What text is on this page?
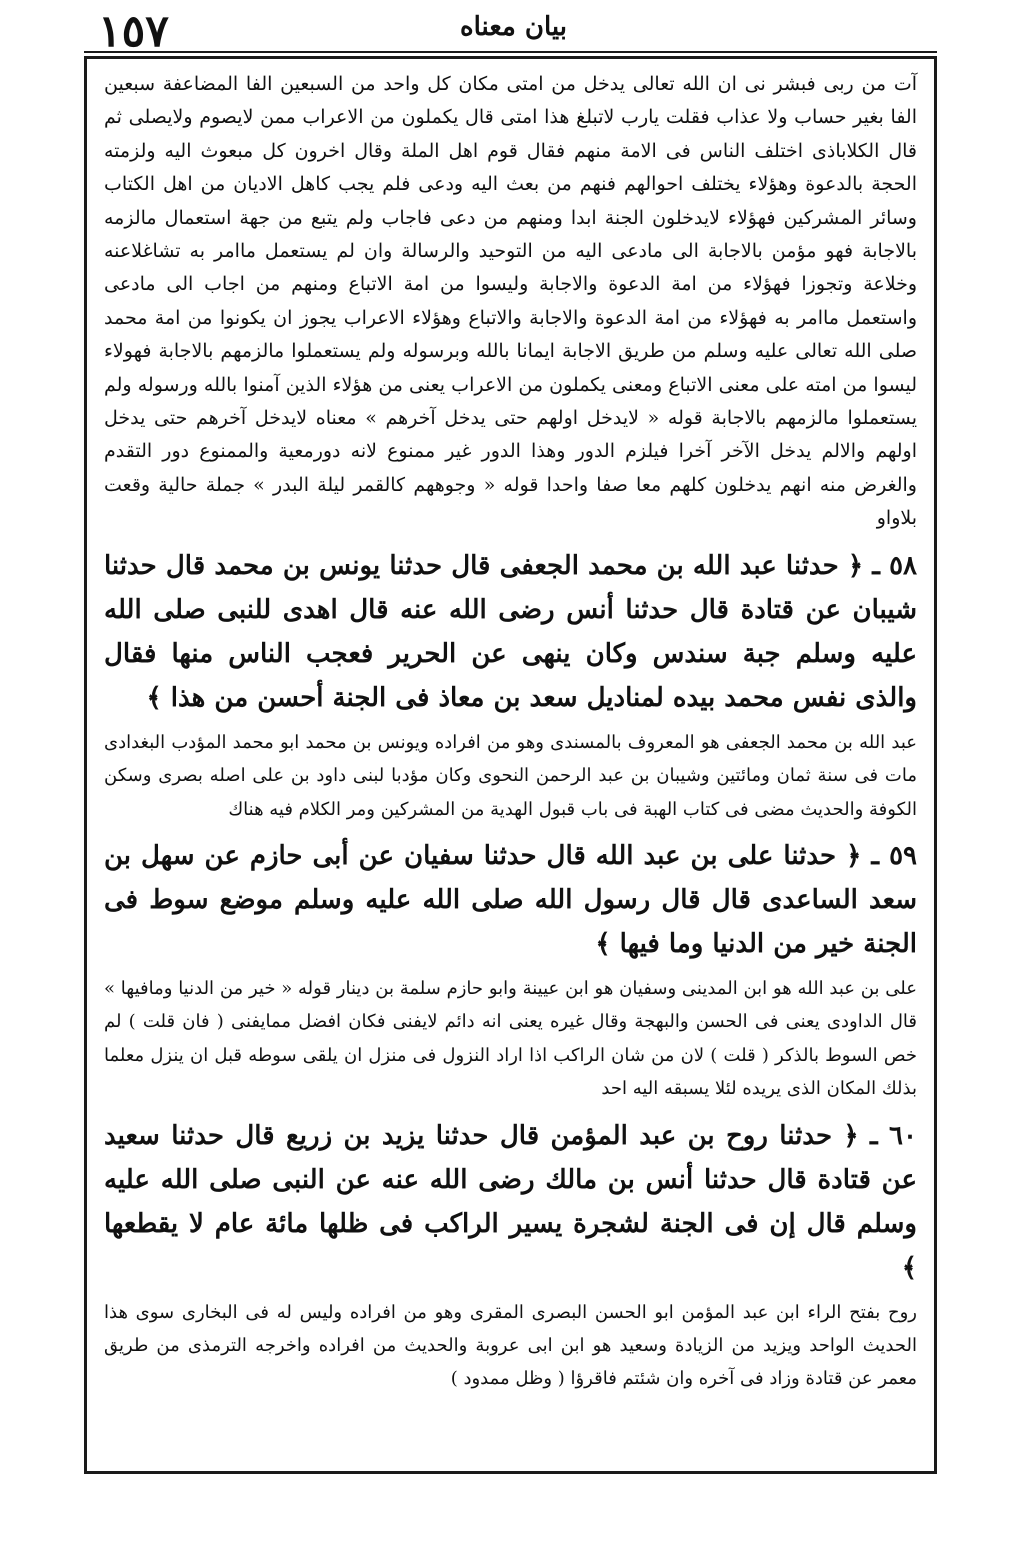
١٥٧	بيان معناه

آت من ربى فبشر نى ان الله تعالى يدخل من امتى مكان كل واحد من السبعين الفا المضاعفة سبعين الفا بغير حساب ولا عذاب فقلت يارب لاتبلغ هذا امتى قال يكملون من الاعراب ممن لايصوم ولايصلى ثم قال الكلاباذى اختلف الناس فى الامة منهم فقال قوم اهل الملة وقال اخرون كل مبعوث اليه ولزمته الحجة بالدعوة وهؤلاء يختلف احوالهم فنهم من بعث اليه ودعى فلم يجب كاهل الاديان من اهل الكتاب وسائر المشركين فهؤلاء لايدخلون الجنة ابدا ومنهم من دعى فاجاب ولم يتبع من جهة استعمال مالزمه بالاجابة فهو مؤمن بالاجابة الى مادعى اليه من التوحيد والرسالة وان لم يستعمل ماامر به تشاغلاعنه وخلاعة وتجوزا فهؤلاء من امة الدعوة والاجابة وليسوا من امة الاتباع ومنهم من اجاب الى مادعى واستعمل ماامر به فهؤلاء من امة الدعوة والاجابة والاتباع وهؤلاء الاعراب يجوز ان يكونوا من امة محمد صلى الله تعالى عليه وسلم من طريق الاجابة ايمانا بالله وبرسوله ولم يستعملوا مالزمهم بالاجابة فهولاء ليسوا من امته على معنى الاتباع ومعنى يكملون من الاعراب يعنى من هؤلاء الذين آمنوا بالله ورسوله ولم يستعملوا مالزمهم بالاجابة قوله « لايدخل اولهم حتى يدخل آخرهم » معناه لايدخل آخرهم حتى يدخل اولهم والالم يدخل الآخر آخرا فيلزم الدور وهذا الدور غير ممنوع لانه دورمعية والممنوع دور التقدم والغرض منه انهم يدخلون كلهم معا صفا واحدا قوله « وجوههم كالقمر ليلة البدر » جملة حالية وقعت بلاواو

٥٨ ـ ﴿ حدثنا عبد الله بن محمد الجعفى قال حدثنا يونس بن محمد قال حدثنا شيبان عن قتادة قال حدثنا أنس رضى الله عنه قال اهدى للنبى صلى الله عليه وسلم جبة سندس وكان ينهى عن الحرير فعجب الناس منها فقال والذى نفس محمد بيده لمناديل سعد بن معاذ فى الجنة أحسن من هذا ﴾

عبد الله بن محمد الجعفى هو المعروف بالمسندى وهو من افراده ويونس بن محمد ابو محمد المؤدب البغدادى مات فى سنة ثمان ومائتين وشيبان بن عبد الرحمن النحوى وكان مؤدبا لبنى داود بن على اصله بصرى وسكن الكوفة والحديث مضى فى كتاب الهبة فى باب قبول الهدية من المشركين ومر الكلام فيه هناك

٥٩ ـ ﴿ حدثنا على بن عبد الله قال حدثنا سفيان عن أبى حازم عن سهل بن سعد الساعدى قال قال رسول الله صلى الله عليه وسلم موضع سوط فى الجنة خير من الدنيا وما فيها ﴾

على بن عبد الله هو ابن المدينى وسفيان هو ابن عيينة وابو حازم سلمة بن دينار قوله « خير من الدنيا ومافيها » قال الداودى يعنى فى الحسن والبهجة وقال غيره يعنى انه دائم لايفنى فكان افضل ممايفنى ( فان قلت ) لم خص السوط بالذكر ( قلت ) لان من شان الراكب اذا اراد النزول فى منزل ان يلقى سوطه قبل ان ينزل معلما بذلك المكان الذى يريده لئلا يسبقه اليه احد

٦٠ ـ ﴿ حدثنا روح بن عبد المؤمن قال حدثنا يزيد بن زريع قال حدثنا سعيد عن قتادة قال حدثنا أنس بن مالك رضى الله عنه عن النبى صلى الله عليه وسلم قال إن فى الجنة لشجرة يسير الراكب فى ظلها مائة عام لا يقطعها ﴾

روح بفتح الراء ابن عبد المؤمن ابو الحسن البصرى المقرى وهو من افراده وليس له فى البخارى سوى هذا الحديث الواحد ويزيد من الزيادة وسعيد هو ابن ابى عروبة والحديث من افراده واخرجه الترمذى من طريق معمر عن قتادة وزاد فى آخره وان شئتم فاقرؤا ( وظل ممدود )
